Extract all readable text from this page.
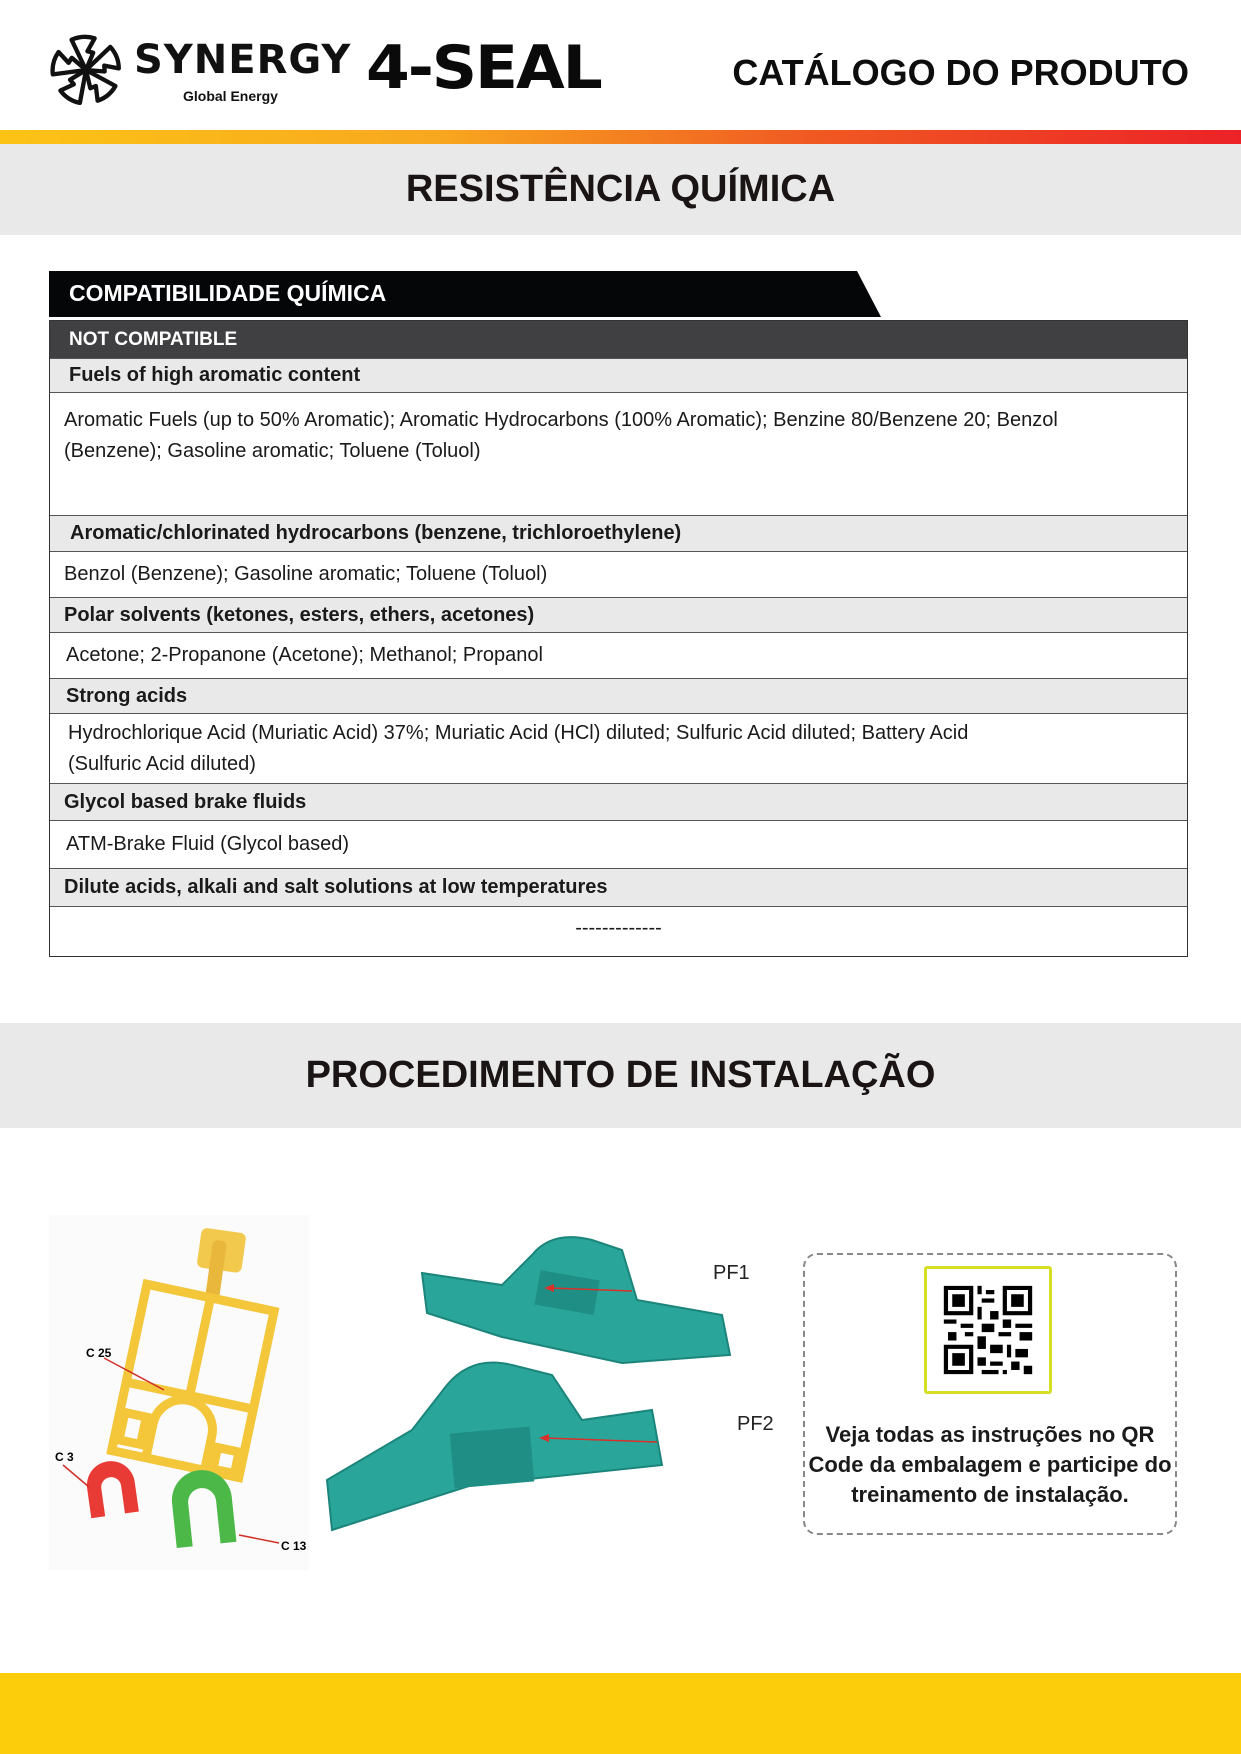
SYNERGY
Global Energy 4-SEAL	CATÁLOGO DO PRODUTO
RESISTÊNCIA QUÍMICA
COMPATIBILIDADE QUÍMICA
NOT COMPATIBLE
Fuels of high aromatic content
Aromatic Fuels (up to 50% Aromatic); Aromatic Hydrocarbons (100% Aromatic); Benzine 80/Benzene 20; Benzol (Benzene); Gasoline aromatic; Toluene (Toluol)
Aromatic/chlorinated hydrocarbons (benzene, trichloroethylene)
Benzol (Benzene); Gasoline aromatic; Toluene (Toluol)
Polar solvents (ketones, esters, ethers, acetones)
Acetone; 2-Propanone (Acetone); Methanol; Propanol
Strong acids
Hydrochlorique Acid (Muriatic Acid) 37%; Muriatic Acid (HCl) diluted; Sulfuric Acid diluted; Battery Acid (Sulfuric Acid diluted)
Glycol based brake fluids
ATM-Brake Fluid (Glycol based)
Dilute acids, alkali and salt solutions at low temperatures
-------------
PROCEDIMENTO DE INSTALAÇÃO
C 25
C 3
C 13
PF1
PF2	Veja todas as instruções no QR Code da embalagem e participe do treinamento de instalação.
